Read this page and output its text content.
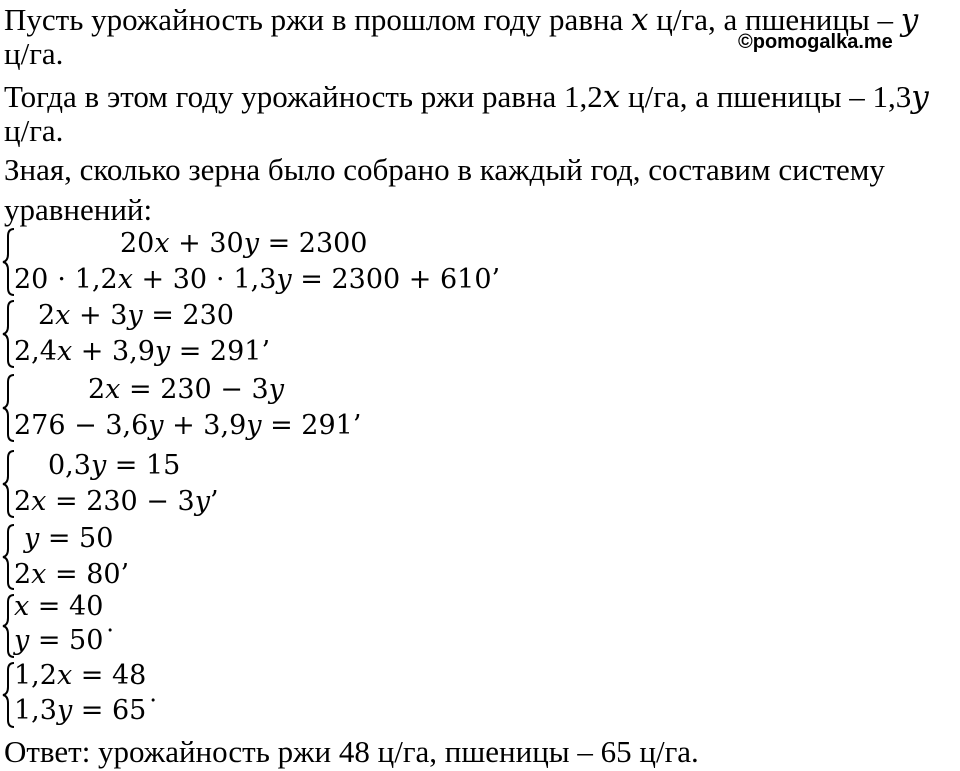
Пусть урожайность ржи в прошлом году равна 𝑥 ц/га, а пшеницы – 𝑦
ц/га.	©pomogalka.me
Тогда в этом году урожайность ржи равна 1,2𝑥 ц/га, а пшеницы – 1,3𝑦
ц/га.
Зная, сколько зерна было собрано в каждый год, составим систему
уравнений:
20𝑥 + 30𝑦 = 2300
20 ⋅ 1,2𝑥 + 30 ⋅ 1,3𝑦 = 2300 + 610’
2𝑥 + 3𝑦 = 230
2,4𝑥 + 3,9𝑦 = 291’
2𝑥 = 230 − 3𝑦
276 − 3,6𝑦 + 3,9𝑦 = 291’
0,3𝑦 = 15
2𝑥 = 230 − 3𝑦’
𝑦 = 50
2𝑥 = 80’
𝑥 = 40
𝑦 = 50˙
1,2𝑥 = 48
1,3𝑦 = 65˙
Ответ: урожайность ржи 48 ц/га, пшеницы – 65 ц/га.
